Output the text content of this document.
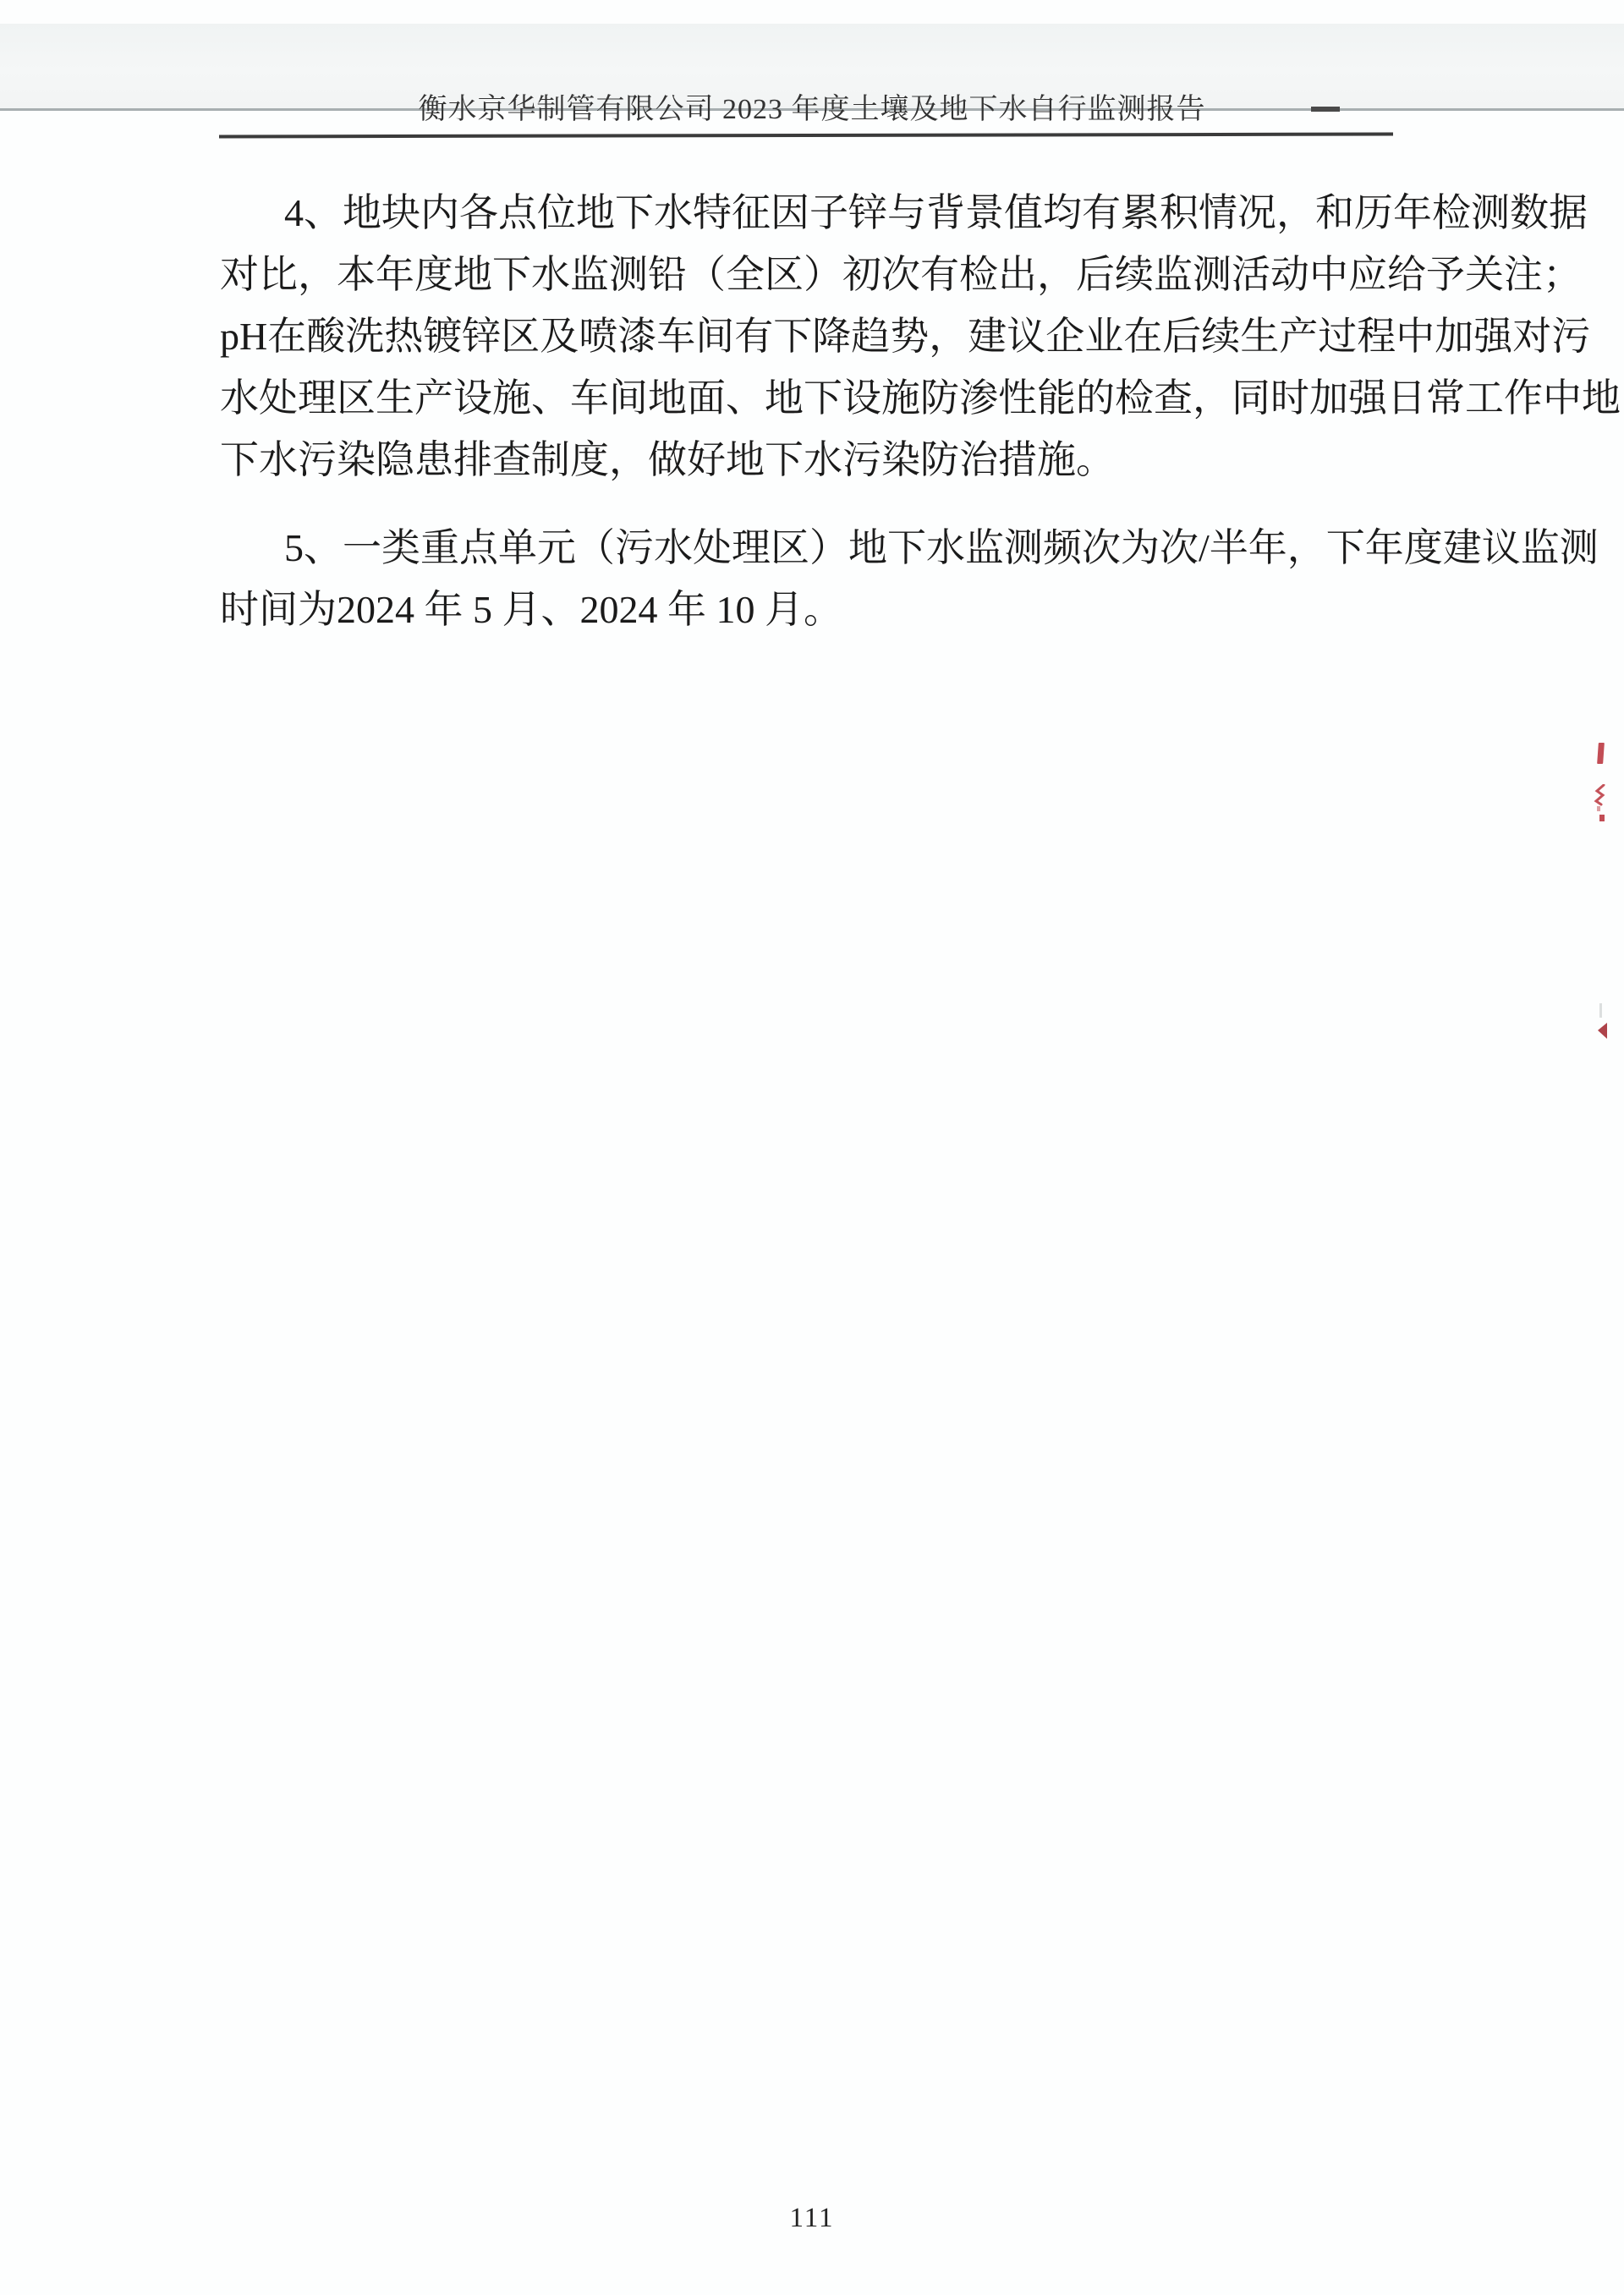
衡水京华制管有限公司 2023 年度土壤及地下水自行监测报告
4、地块内各点位地下水特征因子锌与背景值均有累积情况，和历年检测数据
对比，本年度地下水监测铅（全区）初次有检出，后续监测活动中应给予关注；
pH在酸洗热镀锌区及喷漆车间有下降趋势，建议企业在后续生产过程中加强对污
水处理区生产设施、车间地面、地下设施防渗性能的检查，同时加强日常工作中地
下水污染隐患排查制度，做好地下水污染防治措施。
5、一类重点单元（污水处理区）地下水监测频次为次/半年，下年度建议监测
时间为2024 年 5 月、2024 年 10 月。
111
